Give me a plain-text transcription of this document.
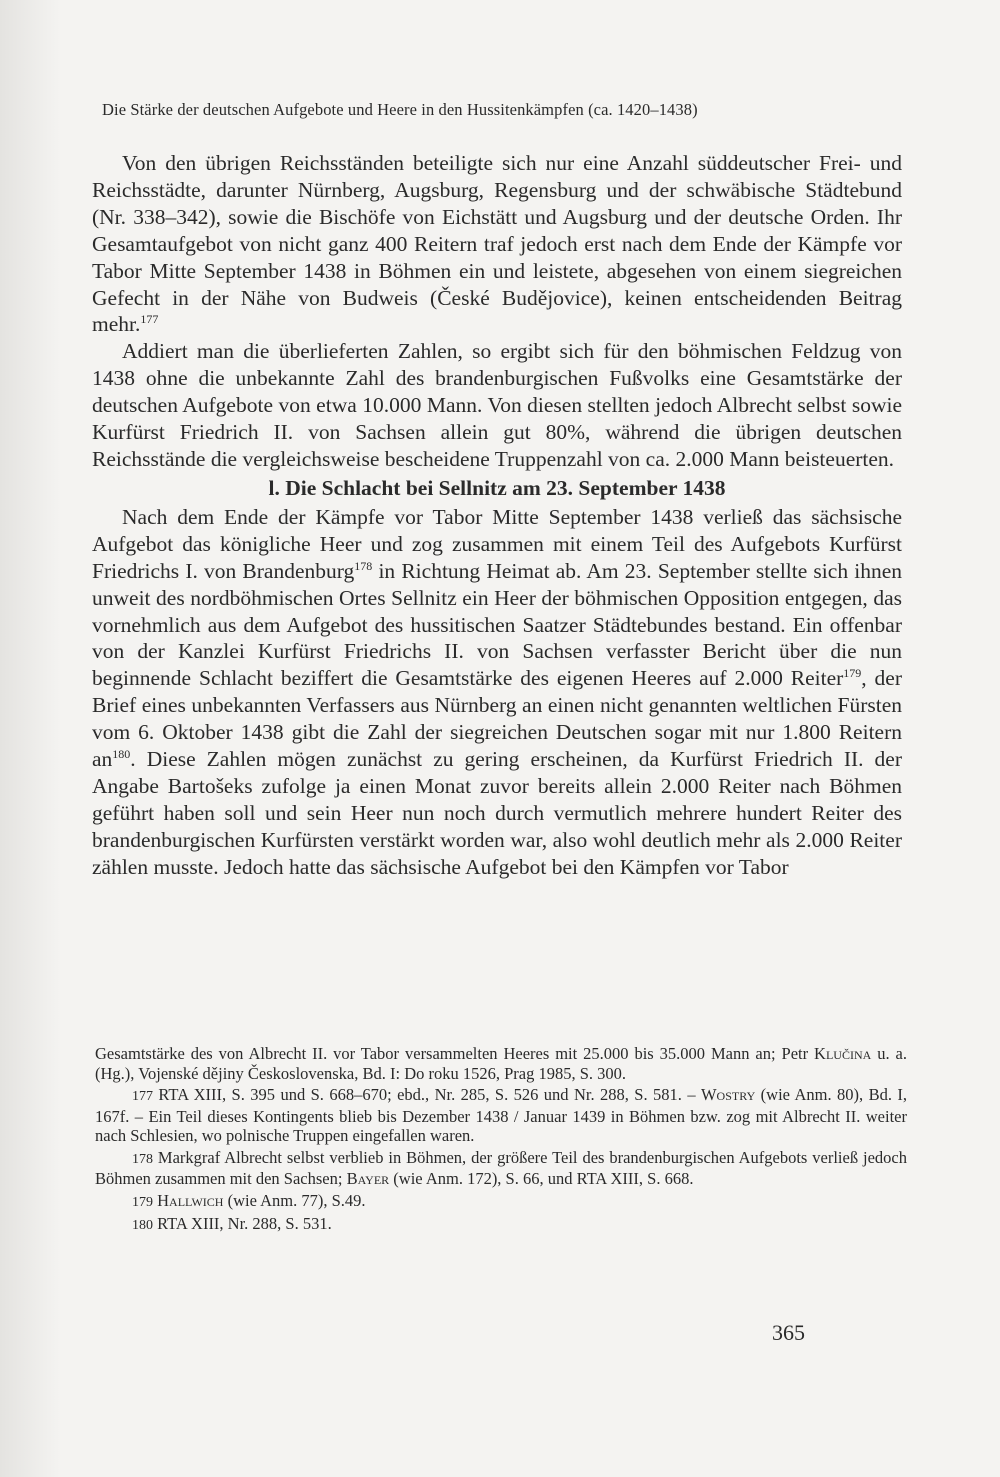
Die Stärke der deutschen Aufgebote und Heere in den Hussitenkämpfen (ca. 1420–1438)

Von den übrigen Reichsständen beteiligte sich nur eine Anzahl süddeutscher Frei- und Reichsstädte, darunter Nürnberg, Augsburg, Regensburg und der schwäbische Städtebund (Nr. 338–342), sowie die Bischöfe von Eichstätt und Augsburg und der deutsche Orden. Ihr Gesamtaufgebot von nicht ganz 400 Reitern traf jedoch erst nach dem Ende der Kämpfe vor Tabor Mitte September 1438 in Böhmen ein und leistete, abgesehen von einem siegreichen Gefecht in der Nähe von Budweis (České Budějovice), keinen entscheidenden Beitrag mehr.$^{177}$

Addiert man die überlieferten Zahlen, so ergibt sich für den böhmischen Feldzug von 1438 ohne die unbekannte Zahl des brandenburgischen Fußvolks eine Gesamtstärke der deutschen Aufgebote von etwa 10.000 Mann. Von diesen stellten jedoch Albrecht selbst sowie Kurfürst Friedrich II. von Sachsen allein gut 80%, während die übrigen deutschen Reichsstände die vergleichsweise bescheidene Truppenzahl von ca. 2.000 Mann beisteuerten.

l. Die Schlacht bei Sellnitz am 23. September 1438

Nach dem Ende der Kämpfe vor Tabor Mitte September 1438 verließ das sächsische Aufgebot das königliche Heer und zog zusammen mit einem Teil des Aufgebots Kurfürst Friedrichs I. von Brandenburg$^{178}$ in Richtung Heimat ab. Am 23. September stellte sich ihnen unweit des nordböhmischen Ortes Sellnitz ein Heer der böhmischen Opposition entgegen, das vornehmlich aus dem Aufgebot des hussitischen Saatzer Städtebundes bestand. Ein offenbar von der Kanzlei Kurfürst Friedrichs II. von Sachsen verfasster Bericht über die nun beginnende Schlacht beziffert die Gesamtstärke des eigenen Heeres auf 2.000 Reiter$^{179}$, der Brief eines unbekannten Verfassers aus Nürnberg an einen nicht genannten weltlichen Fürsten vom 6. Oktober 1438 gibt die Zahl der siegreichen Deutschen sogar mit nur 1.800 Reitern an$^{180}$. Diese Zahlen mögen zunächst zu gering erscheinen, da Kurfürst Friedrich II. der Angabe Bartošeks zufolge ja einen Monat zuvor bereits allein 2.000 Reiter nach Böhmen geführt haben soll und sein Heer nun noch durch vermutlich mehrere hundert Reiter des brandenburgischen Kurfürsten verstärkt worden war, also wohl deutlich mehr als 2.000 Reiter zählen musste. Jedoch hatte das sächsische Aufgebot bei den Kämpfen vor Tabor

Gesamtstärke des von Albrecht II. vor Tabor versammelten Heeres mit 25.000 bis 35.000 Mann an; Petr Klučina u. a. (Hg.), Vojenské dějiny Československa, Bd. I: Do roku 1526, Prag 1985, S. 300.

177 RTA XIII, S. 395 und S. 668–670; ebd., Nr. 285, S. 526 und Nr. 288, S. 581. – Wostry (wie Anm. 80), Bd. I, 167f. – Ein Teil dieses Kontingents blieb bis Dezember 1438 / Januar 1439 in Böhmen bzw. zog mit Albrecht II. weiter nach Schlesien, wo polnische Truppen eingefallen waren.

178 Markgraf Albrecht selbst verblieb in Böhmen, der größere Teil des brandenburgischen Aufgebots verließ jedoch Böhmen zusammen mit den Sachsen; Bayer (wie Anm. 172), S. 66, und RTA XIII, S. 668.

179 Hallwich (wie Anm. 77), S.49.

180 RTA XIII, Nr. 288, S. 531.

365
